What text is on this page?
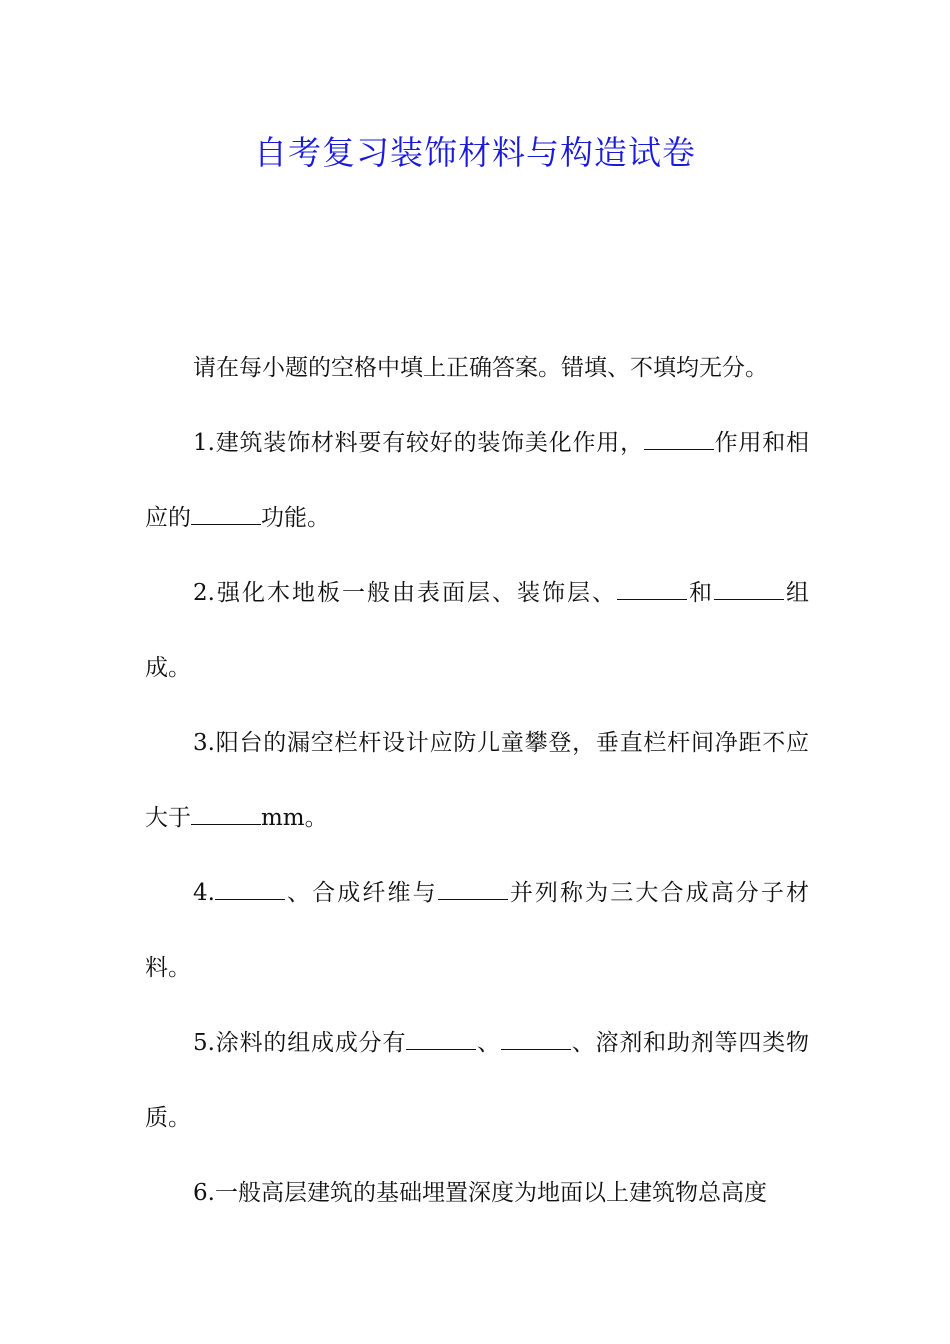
自考复习装饰材料与构造试卷

请在每小题的空格中填上正确答案。错填、不填均无分。

1.建筑装饰材料要有较好的装饰美化作用，	作用和相应的	功能。

2.强化木地板一般由表面层、装饰层、	和	组成。

3.阳台的漏空栏杆设计应防儿童攀登，垂直栏杆间净距不应大于	mm。

4.	、合成纤维与	并列称为三大合成高分子材料。

5.涂料的组成成分有	、	、溶剂和助剂等四类物质。

6.一般高层建筑的基础埋置深度为地面以上建筑物总高度
